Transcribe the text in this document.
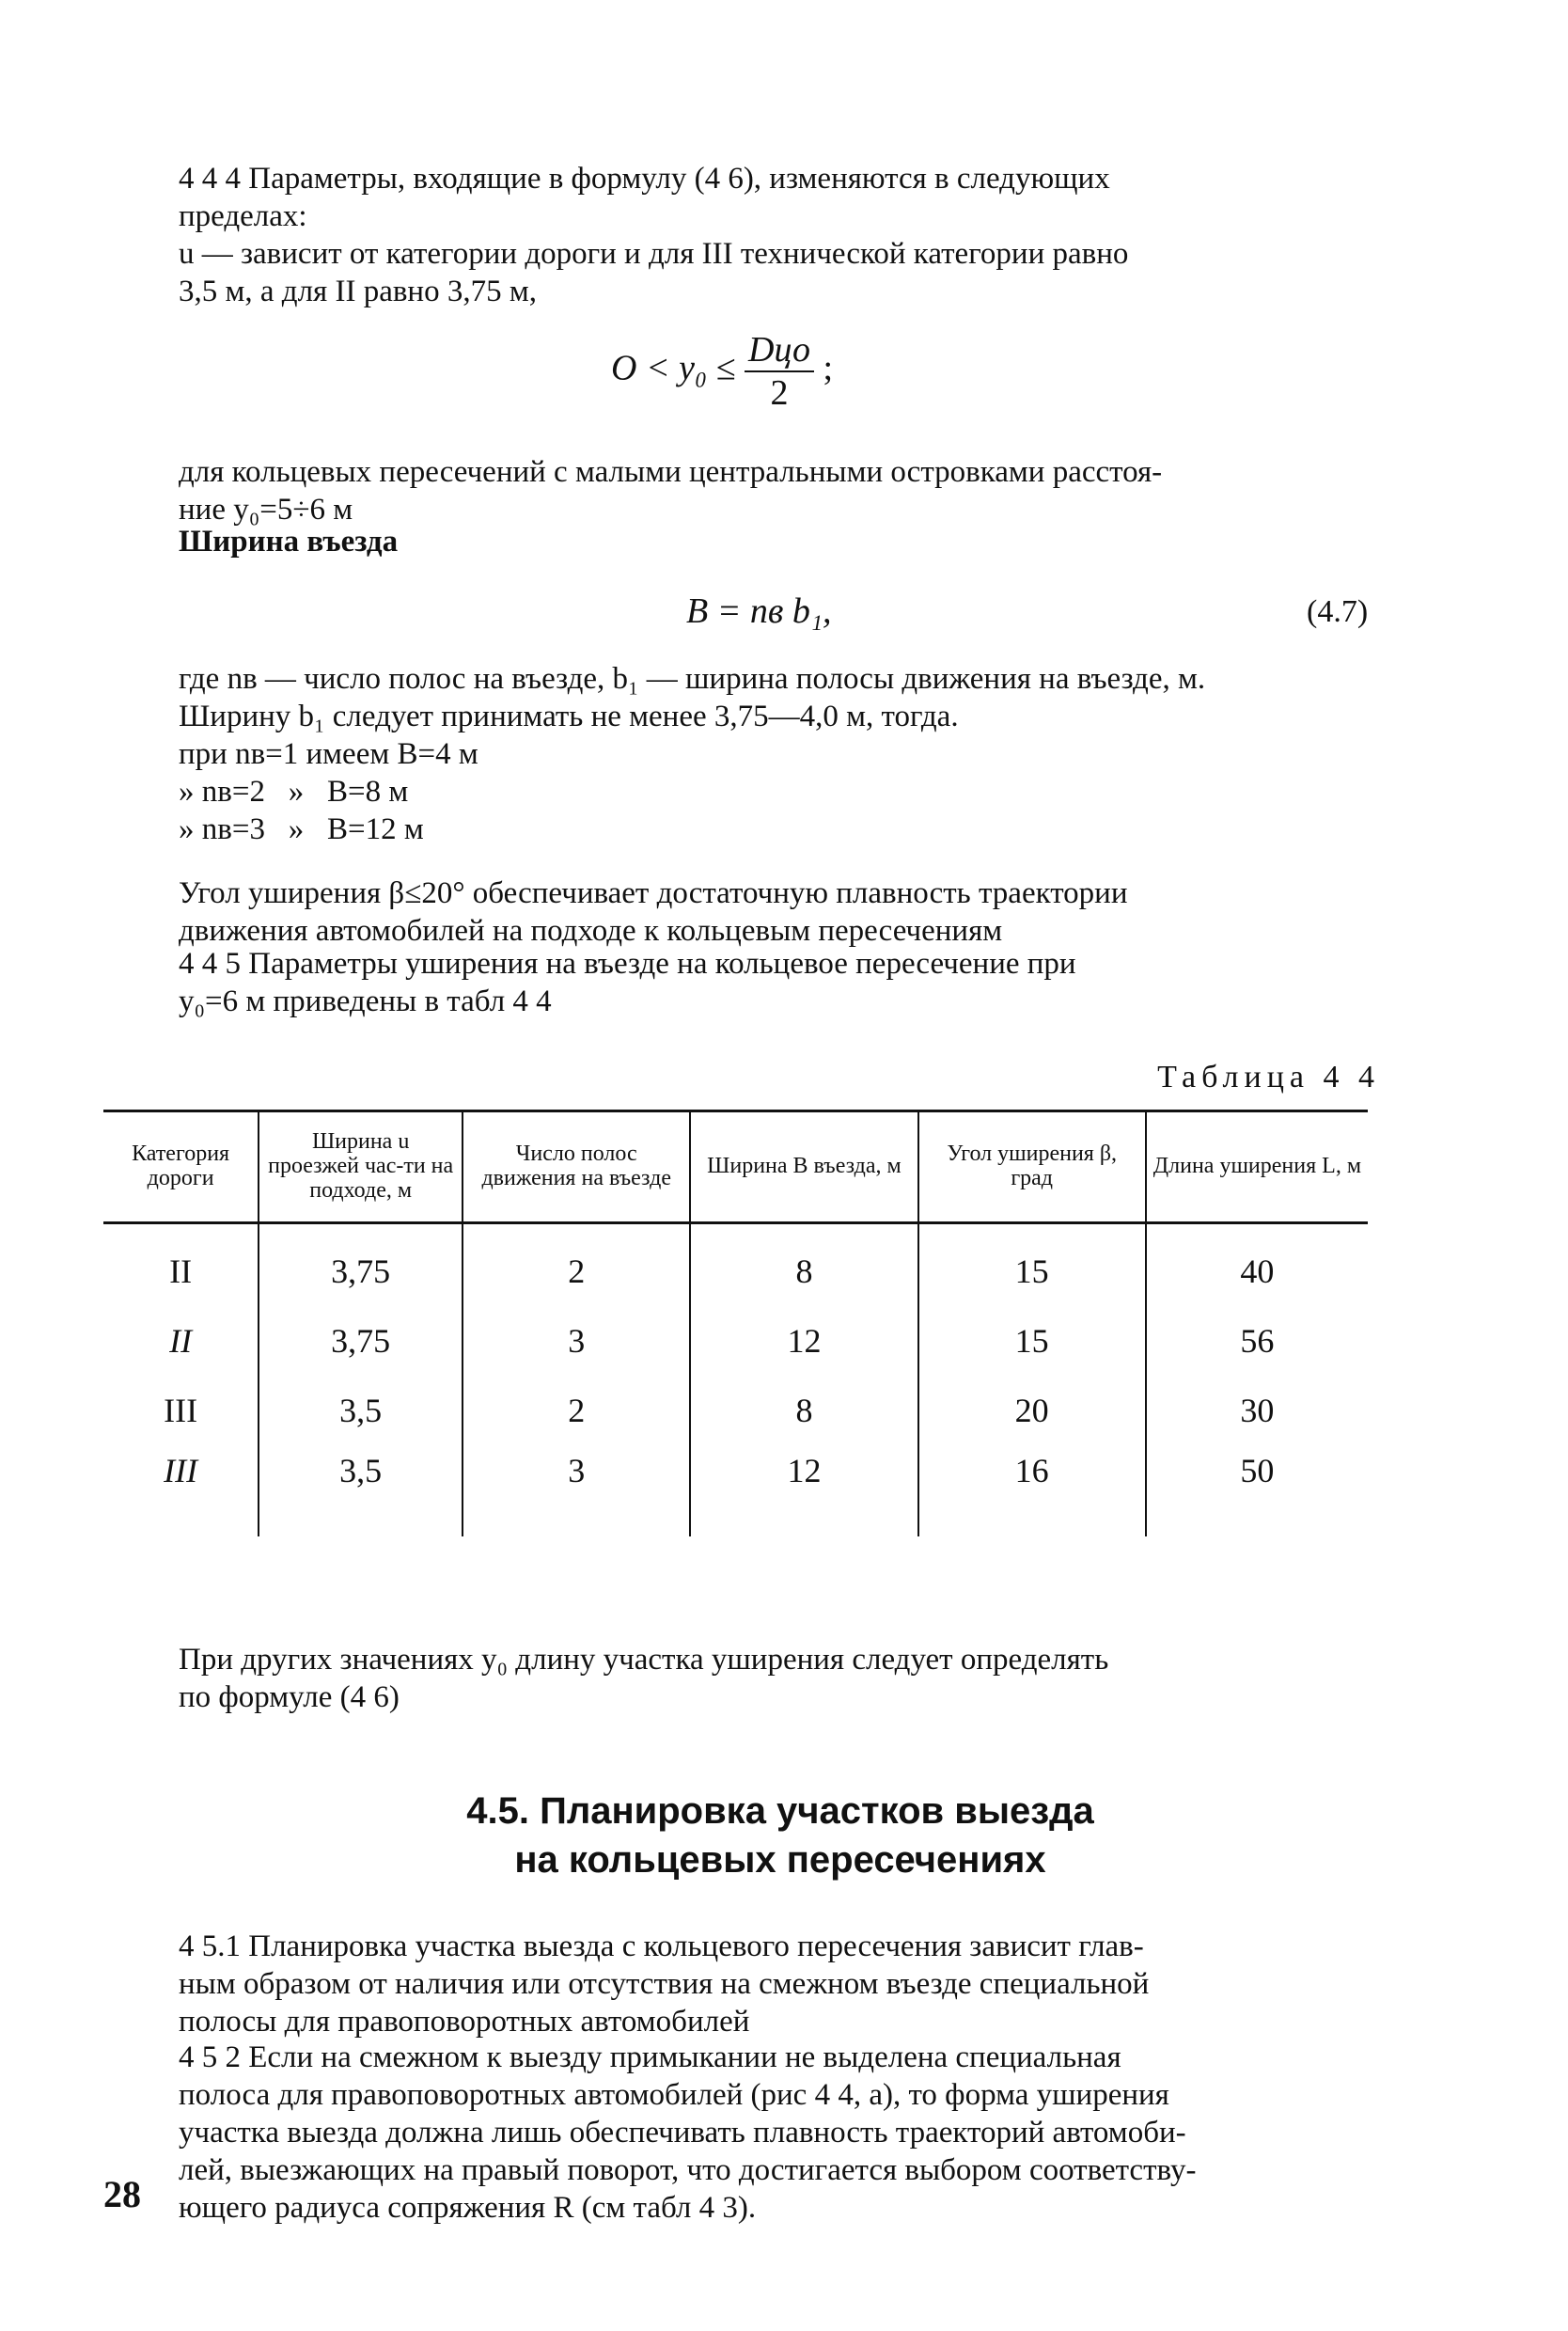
4 4 4 Параметры, входящие в формулу (4 6), изменяются в следующих
пределах:
u — зависит от категории дороги и для III технической категории равно
3,5 м, а для II равно 3,75 м,
$O < y_0 \le \frac{\text{Dцо}}{2}$ ;
для кольцевых пересечений с малыми центральными островками расстоя-
ние y₀=5÷6 м
Ширина въезда
B = nв b₁,	(4.7)
где nв — число полос на въезде, b₁ — ширина полосы движения на въезде, м.
Ширину b₁ следует принимать не менее 3,75—4,0 м, тогда.
при nв=1 имеем B=4 м
» nв=2   »   B=8 м
» nв=3   »   B=12 м
Угол уширения β≤20° обеспечивает достаточную плавность траектории
движения автомобилей на подходе к кольцевым пересечениям
4 4 5 Параметры уширения на въезде на кольцевое пересечение при
y₀=6 м приведены в табл 4 4
Таблица 4 4
Категория дороги	Ширина u проезжей час-ти на подходе, м	Число полос движения на въезде	Ширина B въезда, м	Угол уширения β, град	Длина уширения L, м
II	3,75	2	8	15	40
II	3,75	3	12	15	56
III	3,5	2	8	20	30
III	3,5	3	12	16	50
При других значениях y₀ длину участка уширения следует определять
по формуле (4 6)
4.5. Планировка участков выезда
на кольцевых пересечениях
4 5.1 Планировка участка выезда с кольцевого пересечения зависит глав-
ным образом от наличия или отсутствия на смежном въезде специальной
полосы для правоповоротных автомобилей
4 5 2 Если на смежном к выезду примыкании не выделена специальная
полоса для правоповоротных автомобилей (рис 4 4, a), то форма уширения
участка выезда должна лишь обеспечивать плавность траекторий автомоби-
лей, выезжающих на правый поворот, что достигается выбором соответству-
ющего радиуса сопряжения R (см табл 4 3).
28
